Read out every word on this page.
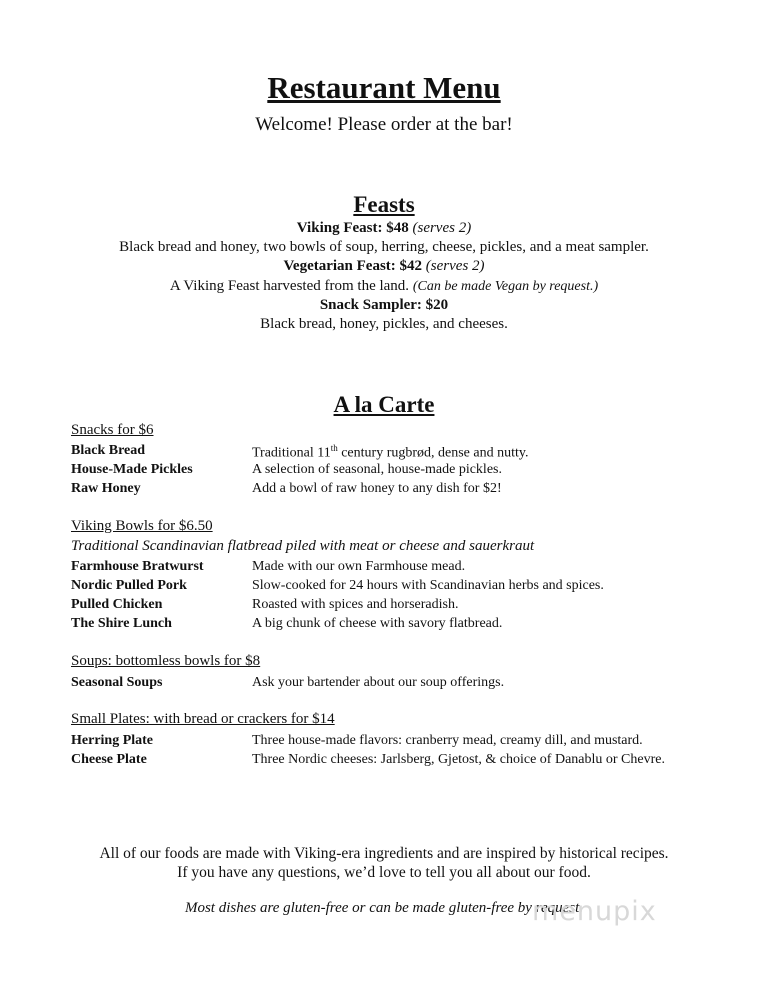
Restaurant Menu
Welcome! Please order at the bar!
Feasts
Viking Feast: $48 (serves 2)
Black bread and honey, two bowls of soup, herring, cheese, pickles, and a meat sampler.
Vegetarian Feast: $42 (serves 2)
A Viking Feast harvested from the land. (Can be made Vegan by request.)
Snack Sampler: $20
Black bread, honey, pickles, and cheeses.
A la Carte
Snacks for $6
Black Bread	Traditional 11th century rugbrød, dense and nutty.
House-Made Pickles	A selection of seasonal, house-made pickles.
Raw Honey	Add a bowl of raw honey to any dish for $2!
Viking Bowls for $6.50
Traditional Scandinavian flatbread piled with meat or cheese and sauerkraut
Farmhouse Bratwurst	Made with our own Farmhouse mead.
Nordic Pulled Pork	Slow-cooked for 24 hours with Scandinavian herbs and spices.
Pulled Chicken	Roasted with spices and horseradish.
The Shire Lunch	A big chunk of cheese with savory flatbread.
Soups: bottomless bowls for $8
Seasonal Soups	Ask your bartender about our soup offerings.
Small Plates: with bread or crackers for $14
Herring Plate	Three house-made flavors: cranberry mead, creamy dill, and mustard.
Cheese Plate	Three Nordic cheeses: Jarlsberg, Gjetost, & choice of Danablu or Chevre.
All of our foods are made with Viking-era ingredients and are inspired by historical recipes.
If you have any questions, we’d love to tell you all about our food.
Most dishes are gluten-free or can be made gluten-free by request.
menupix
